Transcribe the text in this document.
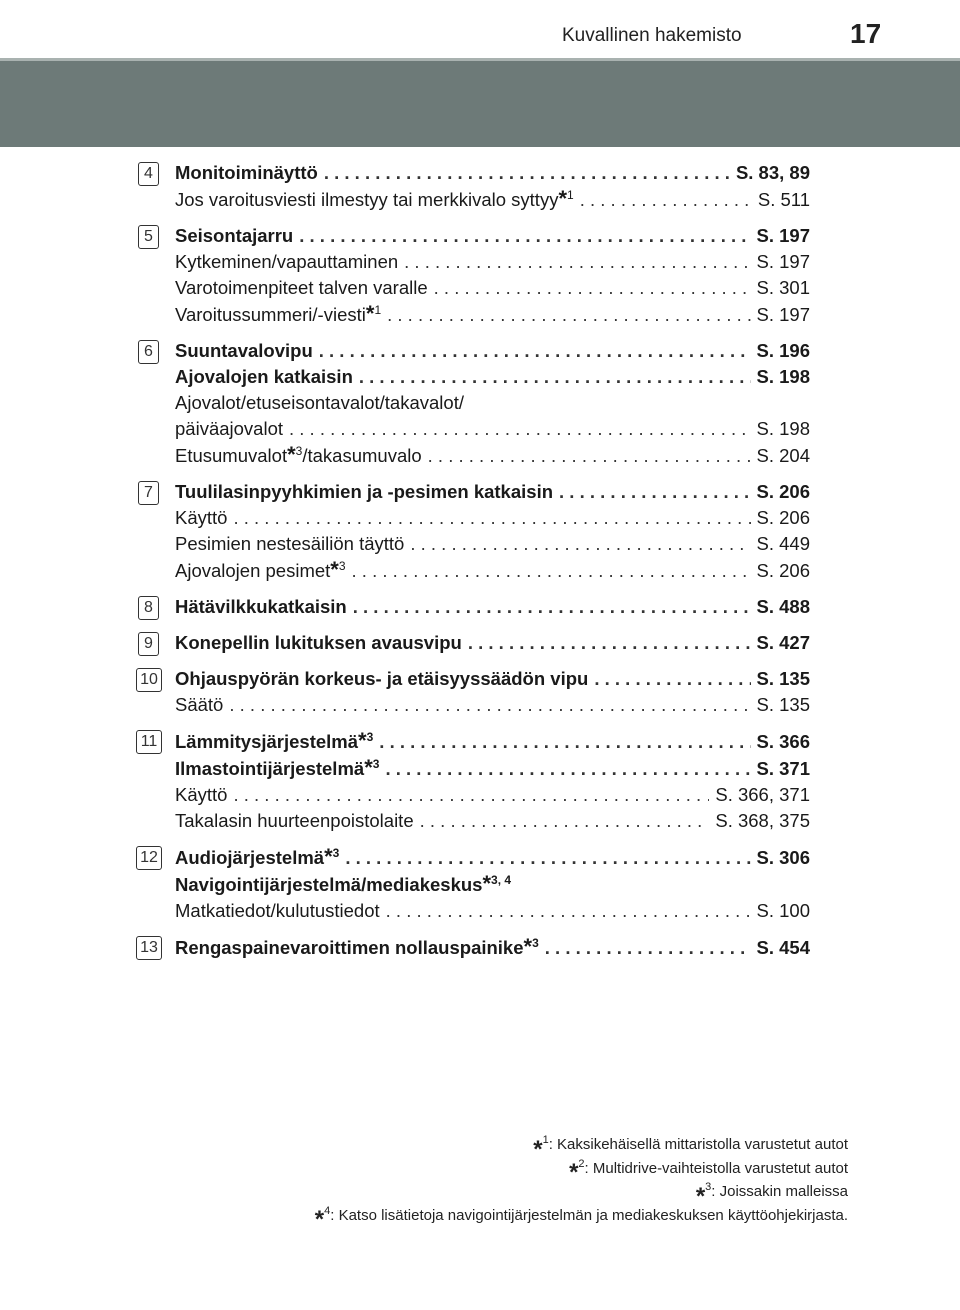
Kuvallinen hakemisto	17
4	Monitoiminäyttö . . .	S. 83, 89
Jos varoitusviesti ilmestyy tai merkkivalo syttyy*$^1$ . . .	S. 511
5	Seisontajarru . . .	S. 197
Kytkeminen/vapauttaminen . . .	S. 197
Varotoimenpiteet talven varalle . . .	S. 301
Varoitussummeri/-viesti*$^1$ . . .	S. 197
6	Suuntavalovipu . . .	S. 196
Ajovalojen katkaisin . . .	S. 198
Ajovalot/etuseisontavalot/takavalot/
päiväajovalot . . .	S. 198
Etusumuvalot*$^3$/takasumuvalo . . .	S. 204
7	Tuulilasinpyyhkimien ja -pesimen katkaisin . . .	S. 206
Käyttö . . .	S. 206
Pesimien nestesäiliön täyttö . . .	S. 449
Ajovalojen pesimet*$^3$ . . .	S. 206
8	Hätävilkkukatkaisin . . .	S. 488
9	Konepellin lukituksen avausvipu . . .	S. 427
10 Ohjauspyörän korkeus- ja etäisyyssäädön vipu . . .	S. 135
Säätö . . .	S. 135
11 Lämmitysjärjestelmä*$^3$ . . .	S. 366
Ilmastointijärjestelmä*$^3$ . . .	S. 371
Käyttö . . .	S. 366, 371
Takalasin huurteenpoistolaite . . .	S. 368, 375
12 Audiojärjestelmä*$^3$ . . .	S. 306
Navigointijärjestelmä/mediakeskus*$^{3, 4}$
Matkatiedot/kulutustiedot . . .	S. 100
13 Rengaspainevaroittimen nollauspainike*$^3$ . . .	S. 454
*$^1$: Kaksikehäisellä mittaristolla varustetut autot
*$^2$: Multidrive-vaihteistolla varustetut autot
*$^3$: Joissakin malleissa
*$^4$: Katso lisätietoja navigointijärjestelmän ja mediakeskuksen käyttöohjekirjasta.
